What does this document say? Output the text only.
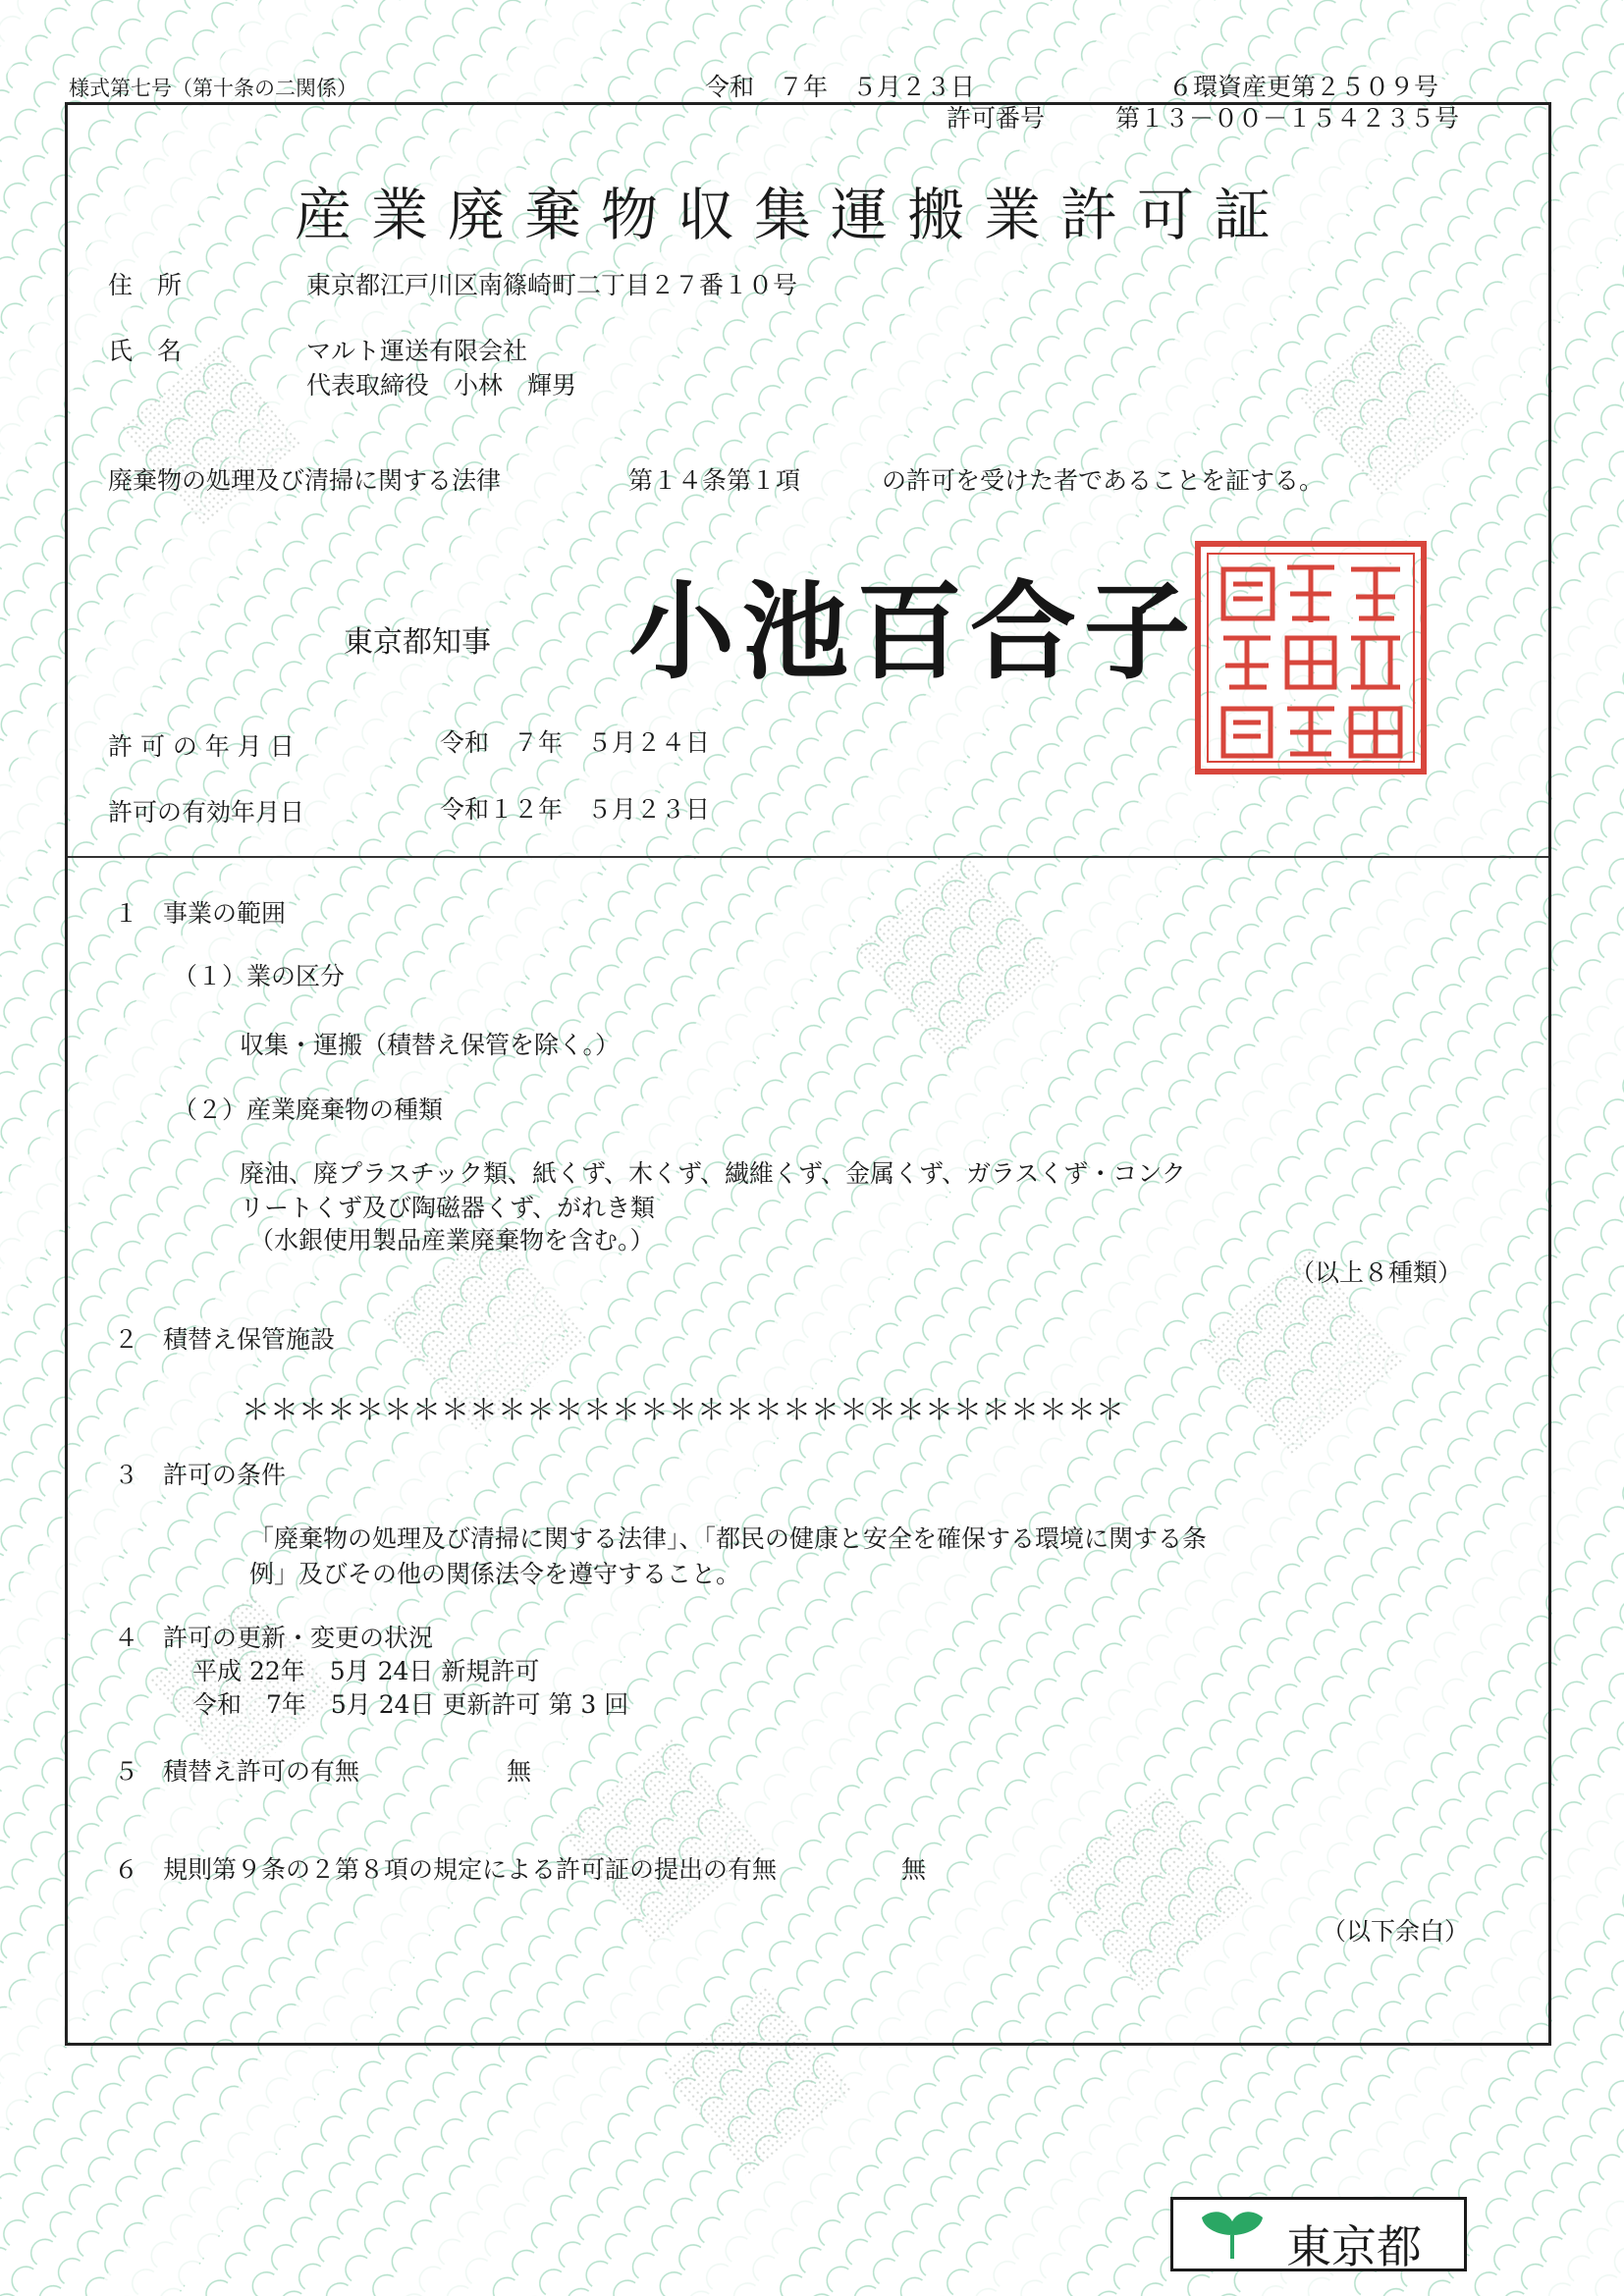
様式第七号（第十条の二関係）	令和　７年　５月２３日	６環資産更第２５０９号
許可番号	第１３－００－１５４２３５号
産業廃棄物収集運搬業許可証
住　所	東京都江戸川区南篠崎町二丁目２７番１０号
氏　名	マルト運送有限会社
代表取締役　小林　輝男
廃棄物の処理及び清掃に関する法律	第１４条第１項	の許可を受けた者であることを証する。
東京都知事 小池百合子
許 可 の 年 月 日	令和　７年　５月２４日
許可の有効年月日	令和１２年　５月２３日
１　事業の範囲
（１）業の区分
収集・運搬（積替え保管を除く。）
（２）産業廃棄物の種類
廃油、廃プラスチック類、紙くず、木くず、繊維くず、金属くず、ガラスくず・コンク
リートくず及び陶磁器くず、がれき類
（水銀使用製品産業廃棄物を含む。）
（以上８種類）
２　積替え保管施設
＊＊＊＊＊＊＊＊＊＊＊＊＊＊＊＊＊＊＊＊＊＊＊＊＊＊＊＊＊＊＊
３　許可の条件
「廃棄物の処理及び清掃に関する法律」、「都民の健康と安全を確保する環境に関する条
例」及びその他の関係法令を遵守すること。
４　許可の更新・変更の状況
平成 22年　5月 24日 新規許可
令和　7年　5月 24日 更新許可 第 3 回
５　積替え許可の有無	無
６　規則第９条の２第８項の規定による許可証の提出の有無	無
（以下余白）
東京都
